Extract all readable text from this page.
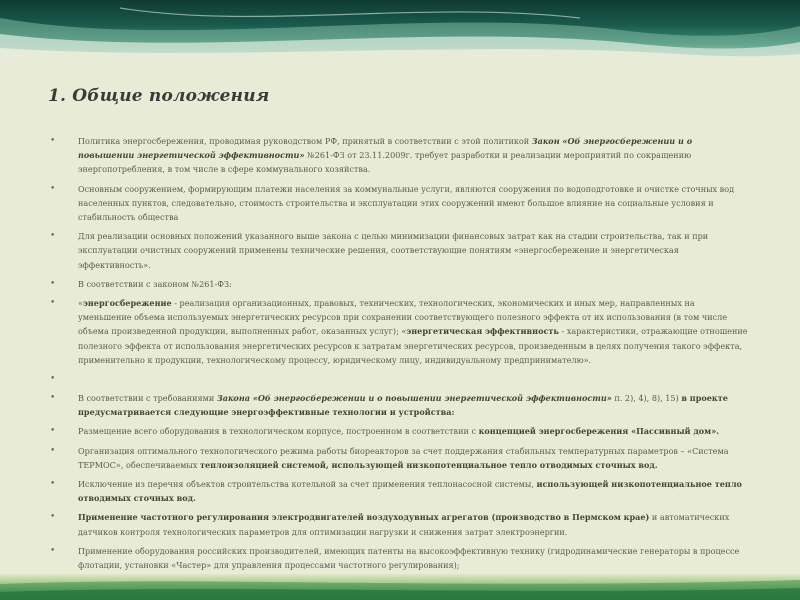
1. Общие положения
•	Политика энергосбережения, проводимая руководством РФ, принятый в соответствии с этой политикой Закон «Об энергосбережении и о повышении энергетической эффективности» №261-ФЗ от 23.11.2009г. требует разработки и реализации мероприятий по сокращению энергопотребления, в том числе в сфере коммунального хозяйства.
•	Основным сооружением, формирующим платежи населения за коммунальные услуги, являются сооружения по водоподготовке и очистке сточных вод населенных пунктов, следовательно, стоимость строительства и эксплуатации этих сооружений имеют большое влияние на социальные условия и стабильность общества
•	Для реализации основных положений указанного выше закона с целью минимизации финансовых затрат как на стадии строительства, так и при эксплуатации очистных сооружений применены технические решения, соответствующие понятиям «энергосбережение и энергетическая эффективность».
•	В соответствии с законом №261-ФЗ:
•	«энергосбережение - реализация организационных, правовых, технических, технологических, экономических и иных мер, направленных на уменьшение объема используемых энергетических ресурсов при сохранении соответствующего полезного эффекта от их использования (в том числе объема произведенной продукции, выполненных работ, оказанных услуг); «энергетическая эффективность - характеристики, отражающие отношение полезного эффекта от использования энергетических ресурсов к затратам энергетических ресурсов, произведенным в целях получения такого эффекта, применительно к продукции, технологическому процессу, юридическому лицу, индивидуальному предпринимателю».
•
•	В соответствии с требованиями Закона «Об энергосбережении и о повышении энергетической эффективности» п. 2), 4), 8), 15) в проекте предусматривается следующие энергоэффективные технологии и устройства:
•	Размещение всего оборудования в технологическом корпусе, построенном в соответствии с концепцией энергосбережения «Пассивный дом».
•	Организация оптимального технологического режима работы биореакторов за счет поддержания стабильных температурных параметров – «Система ТЕРМОС», обеспечиваемых теплоизоляцией системой, использующей низкопотенциальное тепло отводимых сточных вод.
•	Исключение из перечня объектов строительства котельной за счет применения теплонасосной системы, использующей низкопотенциальное тепло отводимых сточных вод.
•	Применение частотного регулирования электродвигателей воздуходувных агрегатов (производство в Пермском крае) и автоматических датчиков контроля технологических параметров для оптимизации нагрузки и снижения затрат электроэнергии.
•	Применение оборудования российских производителей, имеющих патенты на высокоэффективную технику (гидродинамические генераторы в процессе флотации, установки «Частер» для управления процессами частотного регулирования);
